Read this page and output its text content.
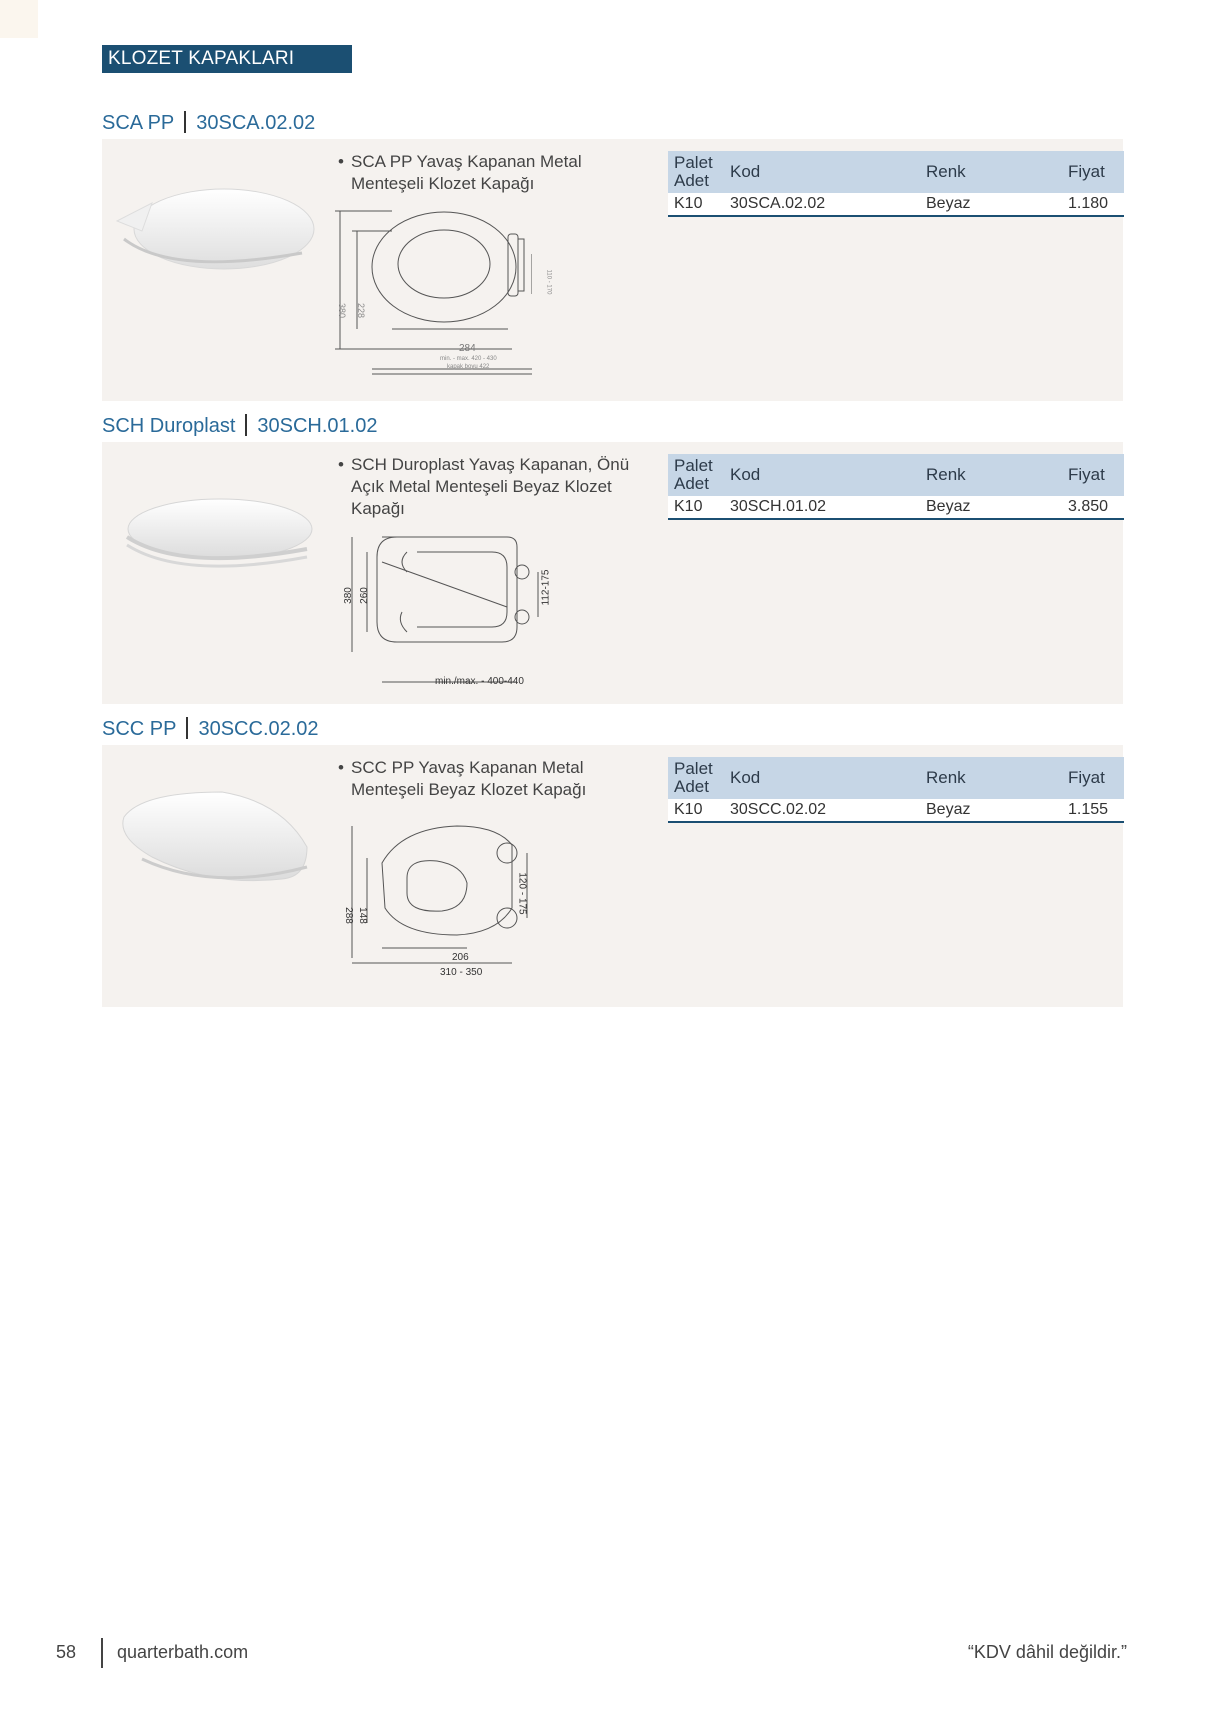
KLOZET KAPAKLARI
SCA PP 30SCA.02.02
• SCA PP Yavaş Kapanan Metal Menteşeli Klozet Kapağı
380 228
284
min. - max. 420 - 430
kapak boyu 422
110 - 170
Palet
Adet	Kod	Renk	Fiyat
K10	30SCA.02.02	Beyaz	1.180
SCH Duroplast 30SCH.01.02
• SCH Duroplast Yavaş Kapanan, Önü Açık Metal Menteşeli Beyaz Klozet Kapağı
380 260
min./max. - 400-440
112-175
Palet
Adet	Kod	Renk	Fiyat
K10	30SCH.01.02	Beyaz	3.850
SCC PP 30SCC.02.02
• SCC PP Yavaş Kapanan Metal Menteşeli Beyaz Klozet Kapağı
288 148
206
310 - 350
120 - 175
Palet
Adet	Kod	Renk	Fiyat
K10	30SCC.02.02	Beyaz	1.155
58 quarterbath.com	“KDV dâhil değildir.”
